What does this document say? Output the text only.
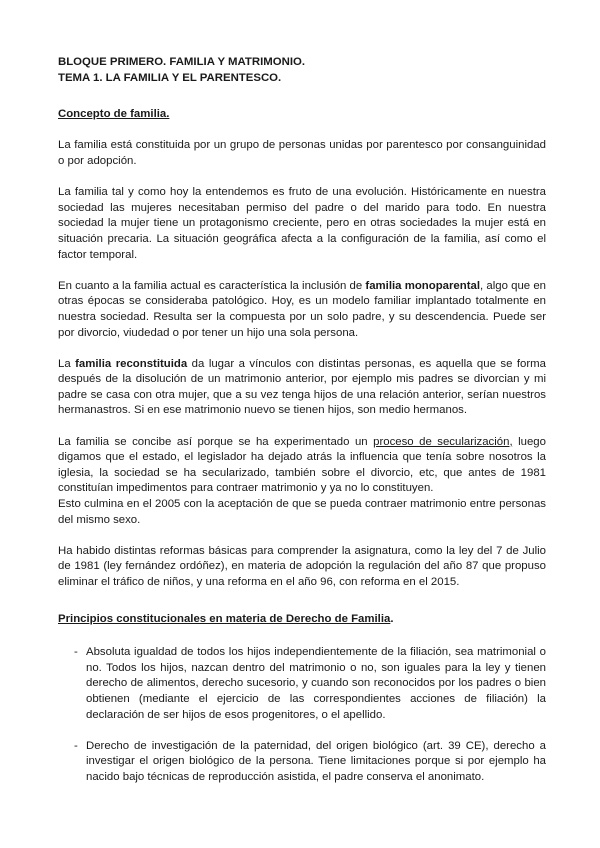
BLOQUE PRIMERO. FAMILIA Y MATRIMONIO.
TEMA 1. LA FAMILIA Y EL PARENTESCO.
Concepto de familia.

La familia está constituida por un grupo de personas unidas por parentesco por consanguinidad o por adopción.

La familia tal y como hoy la entendemos es fruto de una evolución. Históricamente en nuestra sociedad las mujeres necesitaban permiso del padre o del marido para todo. En nuestra sociedad la mujer tiene un protagonismo creciente, pero en otras sociedades la mujer está en situación precaria. La situación geográfica afecta a la configuración de la familia, así como el factor temporal.

En cuanto a la familia actual es característica la inclusión de familia monoparental, algo que en otras épocas se consideraba patológico. Hoy, es un modelo familiar implantado totalmente en nuestra sociedad. Resulta ser la compuesta por un solo padre, y su descendencia. Puede ser por divorcio, viudedad o por tener un hijo una sola persona.

La familia reconstituida da lugar a vínculos con distintas personas, es aquella que se forma después de la disolución de un matrimonio anterior, por ejemplo mis padres se divorcian y mi padre se casa con otra mujer, que a su vez tenga hijos de una relación anterior, serían nuestros hermanastros. Si en ese matrimonio nuevo se tienen hijos, son medio hermanos.

La familia se concibe así porque se ha experimentado un proceso de secularización, luego digamos que el estado, el legislador ha dejado atrás la influencia que tenía sobre nosotros la iglesia, la sociedad se ha secularizado, también sobre el divorcio, etc, que antes de 1981 constituían impedimentos para contraer matrimonio y ya no lo constituyen.

Esto culmina en el 2005 con la aceptación de que se pueda contraer matrimonio entre personas del mismo sexo.

Ha habido distintas reformas básicas para comprender la asignatura, como la ley del 7 de Julio de 1981 (ley fernández ordóñez), en materia de adopción la regulación del año 87 que propuso eliminar el tráfico de niños, y una reforma en el año 96, con reforma en el 2015.

Principios constitucionales en materia de Derecho de Familia.
- Absoluta igualdad de todos los hijos independientemente de la filiación, sea matrimonial o no. Todos los hijos, nazcan dentro del matrimonio o no, son iguales para la ley y tienen derecho de alimentos, derecho sucesorio, y cuando son reconocidos por los padres o bien obtienen (mediante el ejercicio de las correspondientes acciones de filiación) la declaración de ser hijos de esos progenitores, o el apellido.
- Derecho de investigación de la paternidad, del origen biológico (art. 39 CE), derecho a investigar el origen biológico de la persona. Tiene limitaciones porque si por ejemplo ha nacido bajo técnicas de reproducción asistida, el padre conserva el anonimato.
